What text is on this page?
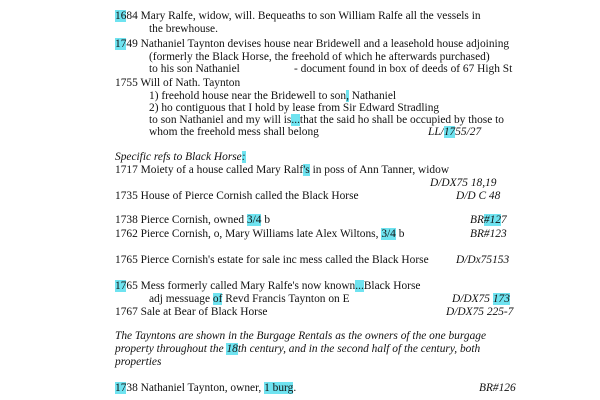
1684 Mary Ralfe, widow, will. Bequeaths to son William Ralfe all the vessels in
the brewhouse.
1749 Nathaniel Taynton devises house near Bridewell and a leasehold house adjoining
(formerly the Black Horse, the freehold of which he afterwards purchased)
to his son Nathaniel	- document found in box of deeds of 67 High St
1755 Will of Nath. Taynton
1) freehold house near the Bridewell to son, Nathaniel
2) ho contiguous that I hold by lease from Sir Edward Stradling
to son Nathaniel and my will is...that the said ho shall be occupied by those to
whom the freehold mess shall belong	LL/1755/27
Specific refs to Black Horse:
1717 Moiety of a house called Mary Ralf's in poss of Ann Tanner, widow
D/DX75 18,19
1735 House of Pierce Cornish called the Black Horse	D/D C 48
1738 Pierce Cornish, owned 3/4 b	BR#127
1762 Pierce Cornish, o, Mary Williams late Alex Wiltons, 3/4 b	BR#123
1765 Pierce Cornish's estate for sale inc mess called the Black Horse D/Dx75153
1765 Mess formerly called Mary Ralfe's now known...Black Horse
adj messuage of Revd Francis Taynton on E	D/DX75 173
1767 Sale at Bear of Black Horse	D/DX75 225-7
The Tayntons are shown in the Burgage Rentals as the owners of the one burgage
property throughout the 18th century, and in the second half of the century, both
properties
1738 Nathaniel Taynton, owner, 1 burg.	BR#126
